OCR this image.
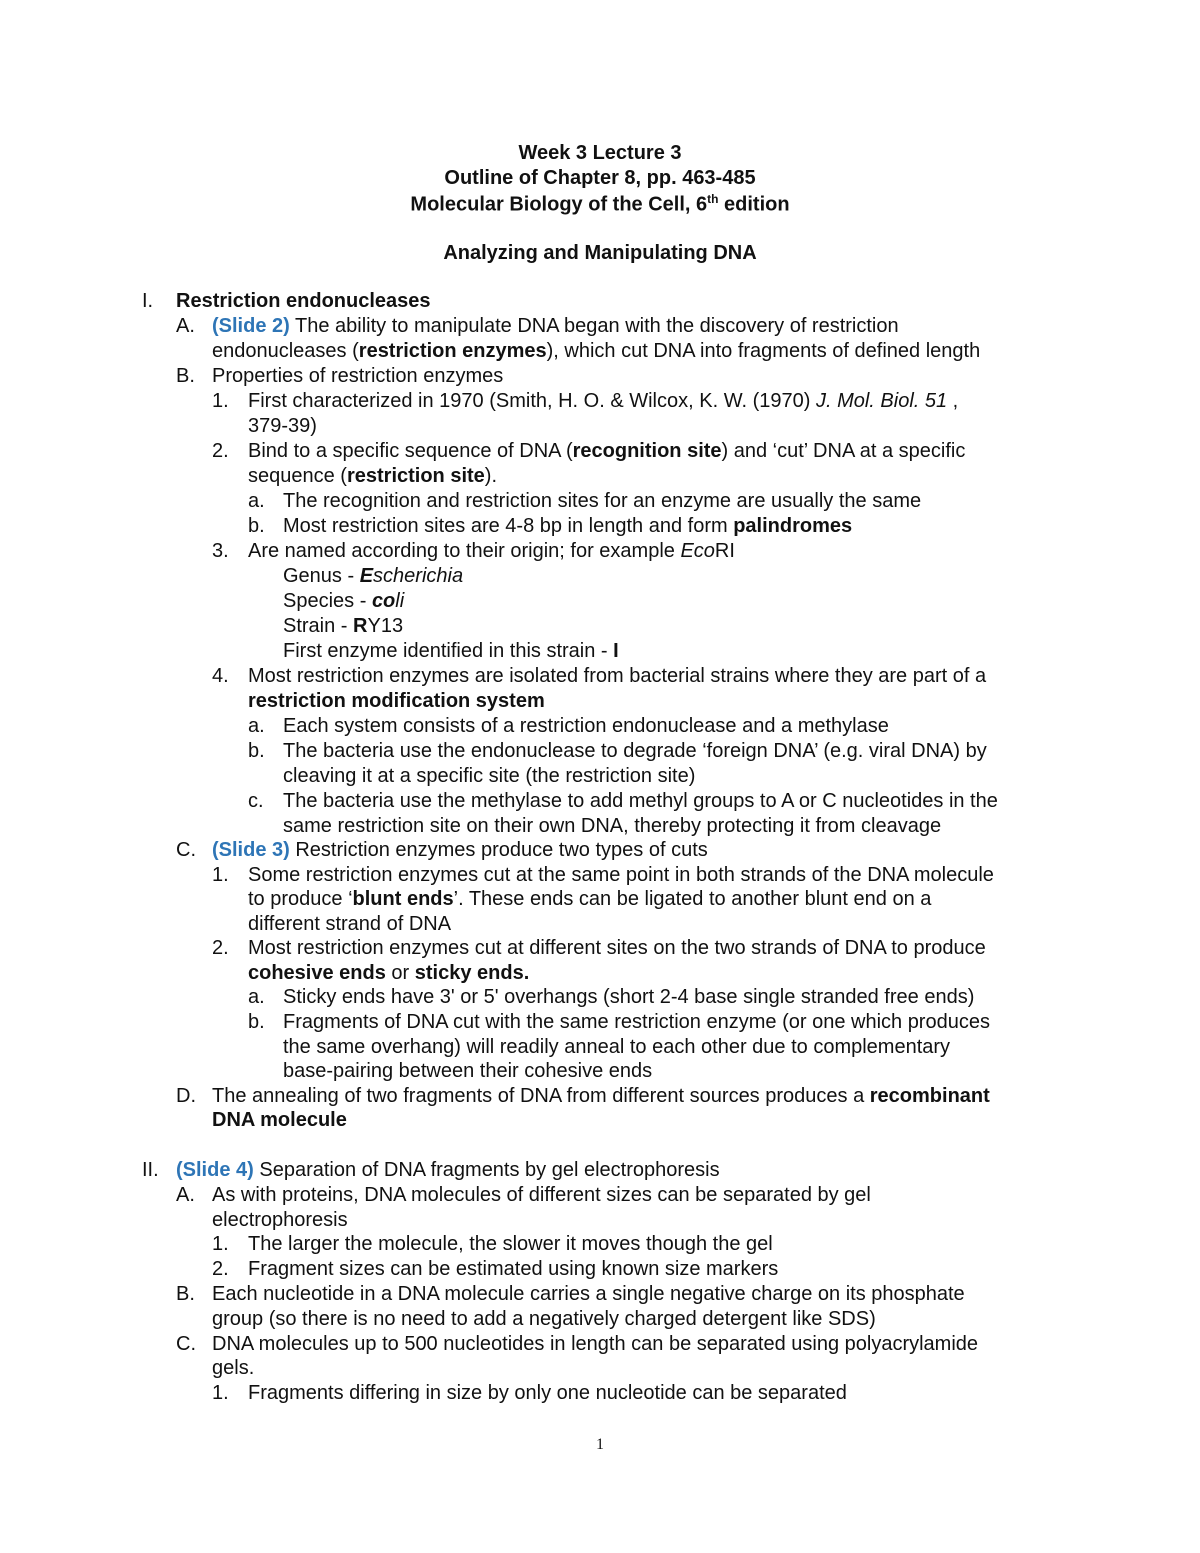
Week 3 Lecture 3
Outline of Chapter 8, pp. 463-485
Molecular Biology of the Cell, 6th edition
Analyzing and Manipulating DNA
I. Restriction endonucleases
A. (Slide 2) The ability to manipulate DNA began with the discovery of restriction
endonucleases (restriction enzymes), which cut DNA into fragments of defined length
B. Properties of restriction enzymes
1. First characterized in 1970 (Smith, H. O. & Wilcox, K. W. (1970) J. Mol. Biol. 51 ,
379-39)
2. Bind to a specific sequence of DNA (recognition site) and ‘cut’ DNA at a specific
sequence (restriction site).
a. The recognition and restriction sites for an enzyme are usually the same
b. Most restriction sites are 4-8 bp in length and form palindromes
3. Are named according to their origin; for example EcoRI
Genus - Escherichia
Species - coli
Strain - RY13
First enzyme identified in this strain - I
4. Most restriction enzymes are isolated from bacterial strains where they are part of a
restriction modification system
a. Each system consists of a restriction endonuclease and a methylase
b. The bacteria use the endonuclease to degrade ‘foreign DNA’ (e.g. viral DNA) by
cleaving it at a specific site (the restriction site)
c. The bacteria use the methylase to add methyl groups to A or C nucleotides in the
same restriction site on their own DNA, thereby protecting it from cleavage
C. (Slide 3) Restriction enzymes produce two types of cuts
1. Some restriction enzymes cut at the same point in both strands of the DNA molecule
to produce ‘blunt ends’. These ends can be ligated to another blunt end on a
different strand of DNA
2. Most restriction enzymes cut at different sites on the two strands of DNA to produce
cohesive ends or sticky ends.
a. Sticky ends have 3' or 5' overhangs (short 2-4 base single stranded free ends)
b. Fragments of DNA cut with the same restriction enzyme (or one which produces
the same overhang) will readily anneal to each other due to complementary
base-pairing between their cohesive ends
D. The annealing of two fragments of DNA from different sources produces a recombinant
DNA molecule
II. (Slide 4) Separation of DNA fragments by gel electrophoresis
A. As with proteins, DNA molecules of different sizes can be separated by gel
electrophoresis
1. The larger the molecule, the slower it moves though the gel
2. Fragment sizes can be estimated using known size markers
B. Each nucleotide in a DNA molecule carries a single negative charge on its phosphate
group (so there is no need to add a negatively charged detergent like SDS)
C. DNA molecules up to 500 nucleotides in length can be separated using polyacrylamide
gels.
1. Fragments differing in size by only one nucleotide can be separated
1
